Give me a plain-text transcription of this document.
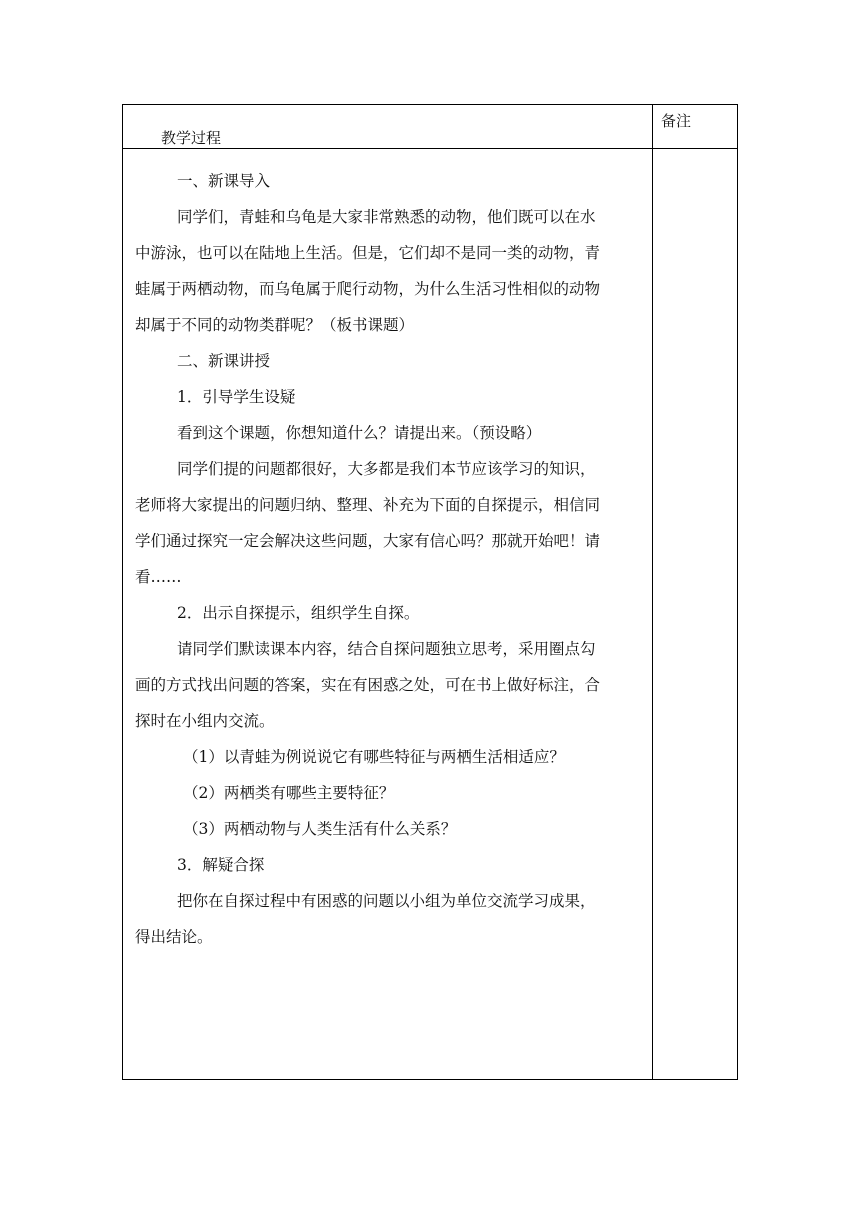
教学过程
备注

一、新课导入

同学们，青蛙和乌龟是大家非常熟悉的动物，他们既可以在水

中游泳，也可以在陆地上生活。但是，它们却不是同一类的动物，青

蛙属于两栖动物，而乌龟属于爬行动物，为什么生活习性相似的动物

却属于不同的动物类群呢？（板书课题）

二、新课讲授

1．引导学生设疑

看到这个课题，你想知道什么？请提出来。（预设略）

同学们提的问题都很好，大多都是我们本节应该学习的知识，

老师将大家提出的问题归纳、整理、补充为下面的自探提示，相信同

学们通过探究一定会解决这些问题，大家有信心吗？那就开始吧！请

看……

2．出示自探提示，组织学生自探。

请同学们默读课本内容，结合自探问题独立思考，采用圈点勾

画的方式找出问题的答案，实在有困惑之处，可在书上做好标注，合

探时在小组内交流。

（1）以青蛙为例说说它有哪些特征与两栖生活相适应？

（2）两栖类有哪些主要特征？

（3）两栖动物与人类生活有什么关系？

3．解疑合探

把你在自探过程中有困惑的问题以小组为单位交流学习成果，

得出结论。
